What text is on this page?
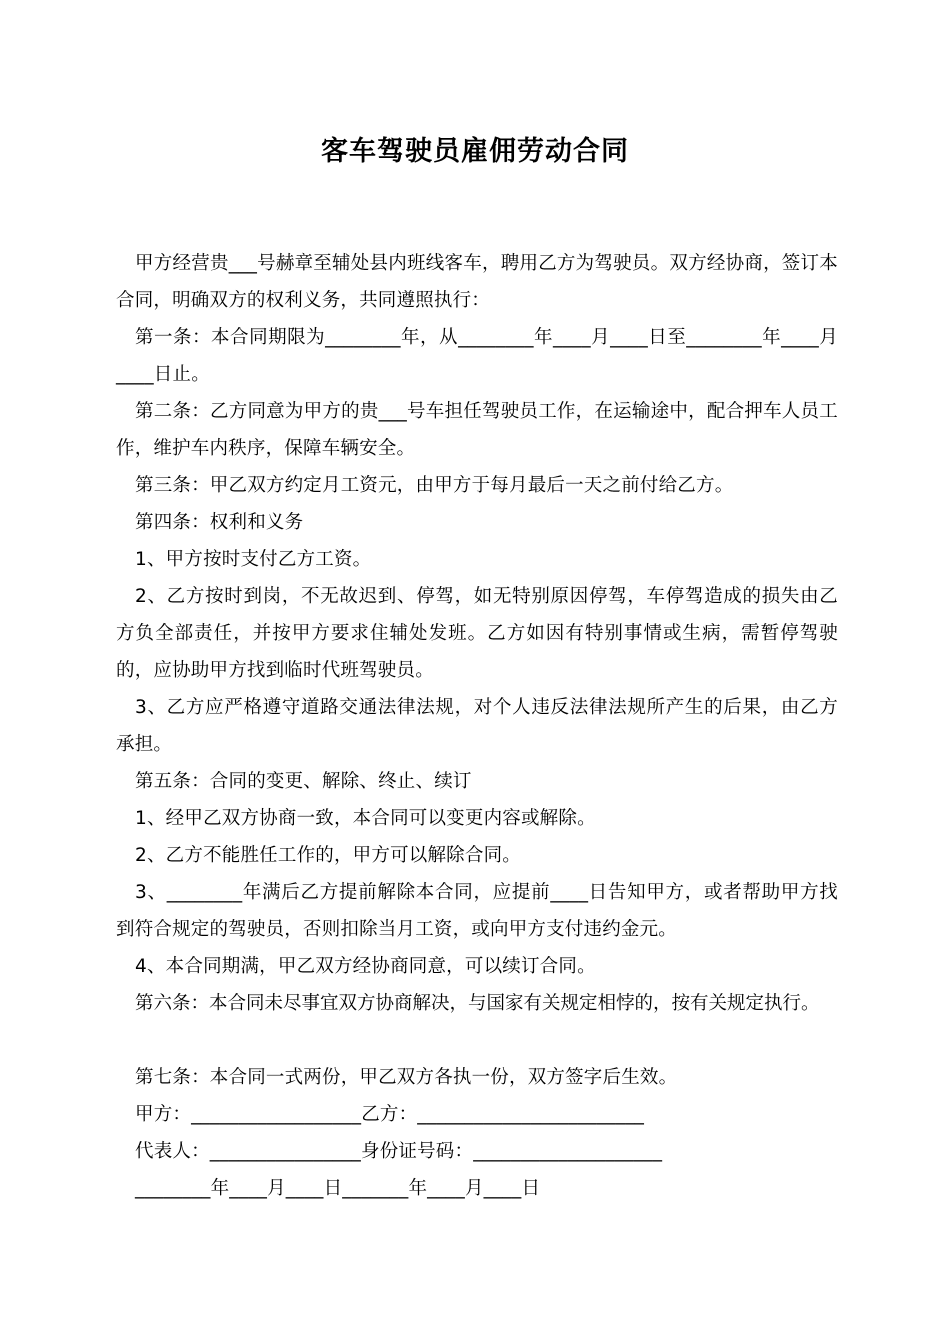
客车驾驶员雇佣劳动合同

甲方经营贵___号赫章至辅处县内班线客车，聘用乙方为驾驶员。双方经协商，签订本合同，明确双方的权利义务，共同遵照执行：

第一条：本合同期限为________年，从________年____月____日至________年____月____日止。

第二条：乙方同意为甲方的贵___号车担任驾驶员工作，在运输途中，配合押车人员工作，维护车内秩序，保障车辆安全。

第三条：甲乙双方约定月工资元，由甲方于每月最后一天之前付给乙方。

第四条：权利和义务

1、甲方按时支付乙方工资。

2、乙方按时到岗，不无故迟到、停驾，如无特别原因停驾，车停驾造成的损失由乙方负全部责任，并按甲方要求住辅处发班。乙方如因有特别事情或生病，需暂停驾驶的，应协助甲方找到临时代班驾驶员。

3、乙方应严格遵守道路交通法律法规，对个人违反法律法规所产生的后果，由乙方承担。

第五条：合同的变更、解除、终止、续订

1、经甲乙双方协商一致，本合同可以变更内容或解除。

2、乙方不能胜任工作的，甲方可以解除合同。

3、________年满后乙方提前解除本合同，应提前____日告知甲方，或者帮助甲方找到符合规定的驾驶员，否则扣除当月工资，或向甲方支付违约金元。

4、本合同期满，甲乙双方经协商同意，可以续订合同。

第六条：本合同未尽事宜双方协商解决，与国家有关规定相悖的，按有关规定执行。

第七条：本合同一式两份，甲乙双方各执一份，双方签字后生效。

甲方：__________________乙方：________________________

代表人：________________身份证号码：____________________

________年____月____日_______年____月____日
